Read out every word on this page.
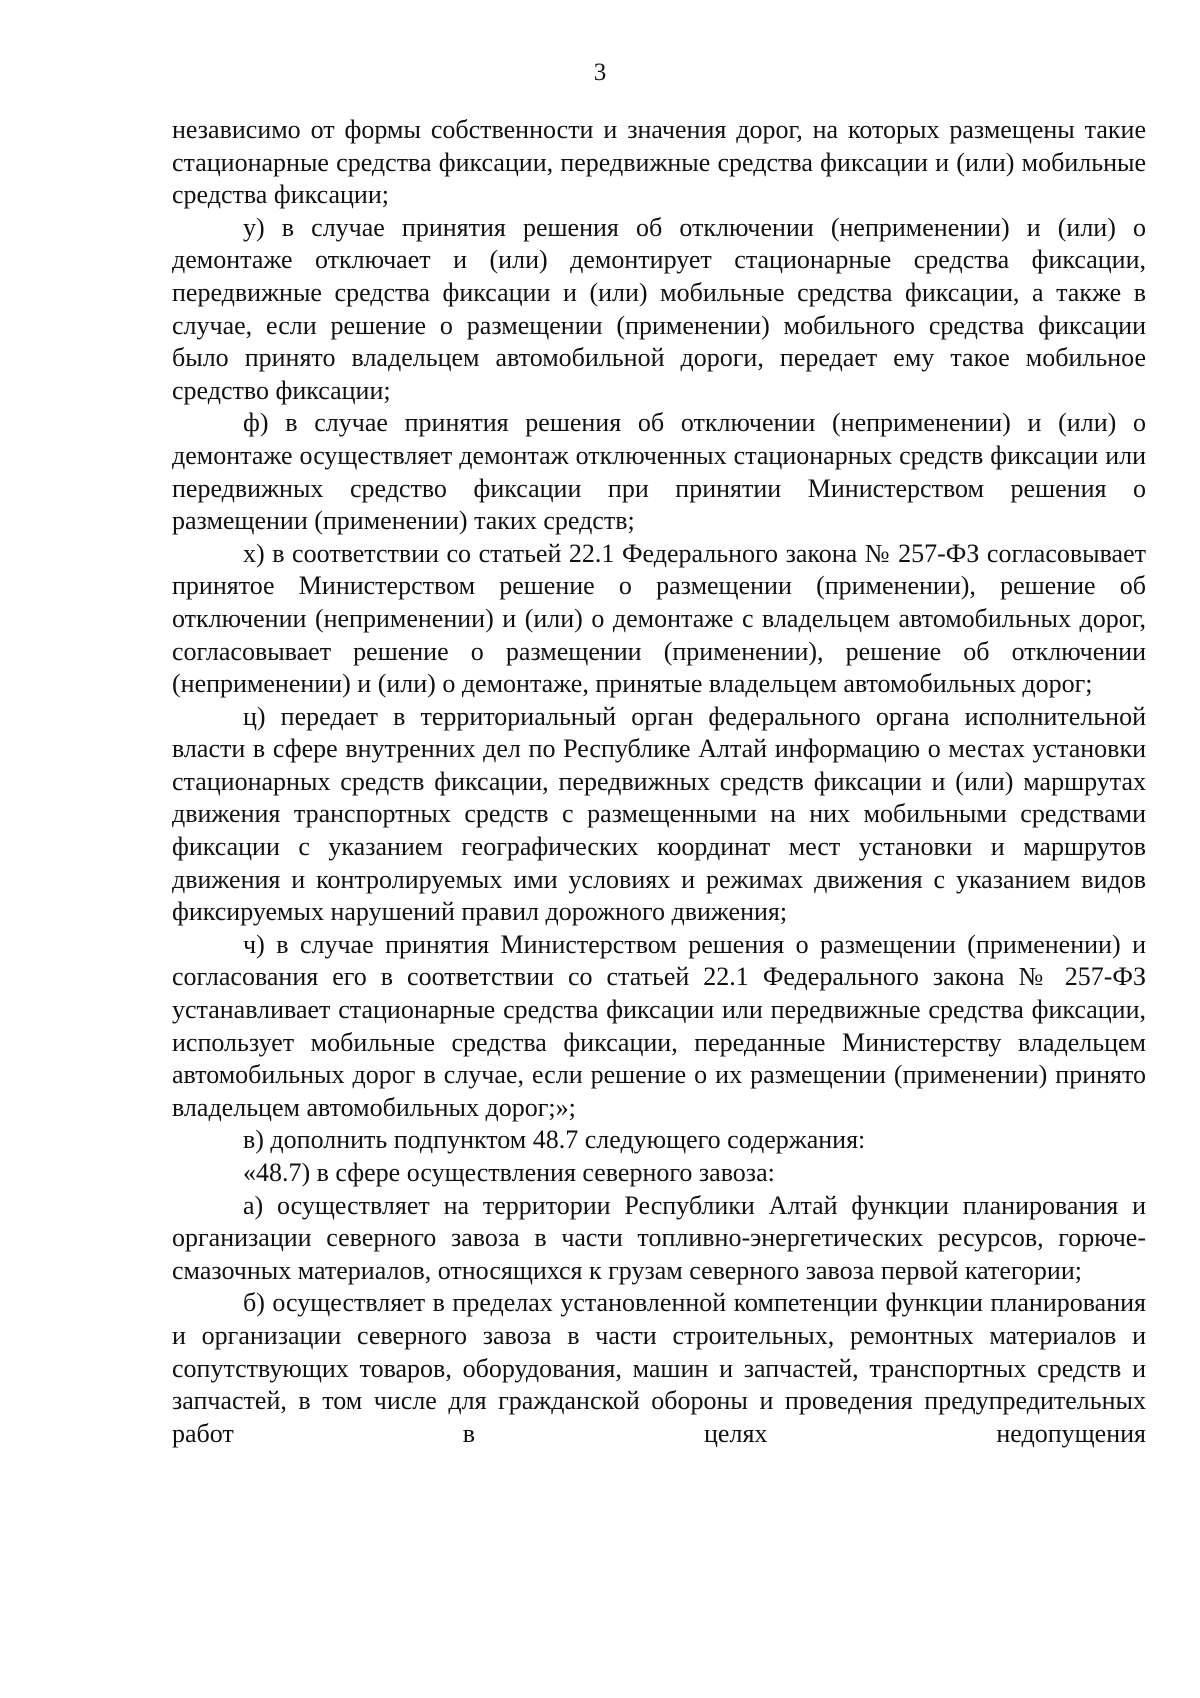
3

независимо от формы собственности и значения дорог, на которых размещены такие стационарные средства фиксации, передвижные средства фиксации и (или) мобильные средства фиксации;

у) в случае принятия решения об отключении (неприменении) и (или) о демонтаже отключает и (или) демонтирует стационарные средства фиксации, передвижные средства фиксации и (или) мобильные средства фиксации, а также в случае, если решение о размещении (применении) мобильного средства фиксации было принято владельцем автомобильной дороги, передает ему такое мобильное средство фиксации;

ф) в случае принятия решения об отключении (неприменении) и (или) о демонтаже осуществляет демонтаж отключенных стационарных средств фиксации или передвижных средство фиксации при принятии Министерством решения о размещении (применении) таких средств;

х) в соответствии со статьей 22.1 Федерального закона № 257-ФЗ согласовывает принятое Министерством решение о размещении (применении), решение об отключении (неприменении) и (или) о демонтаже с владельцем автомобильных дорог, согласовывает решение о размещении (применении), решение об отключении (неприменении) и (или) о демонтаже, принятые владельцем автомобильных дорог;

ц) передает в территориальный орган федерального органа исполнительной власти в сфере внутренних дел по Республике Алтай информацию о местах установки стационарных средств фиксации, передвижных средств фиксации и (или) маршрутах движения транспортных средств с размещенными на них мобильными средствами фиксации с указанием географических координат мест установки и маршрутов движения и контролируемых ими условиях и режимах движения с указанием видов фиксируемых нарушений правил дорожного движения;

ч) в случае принятия Министерством решения о размещении (применении) и согласования его в соответствии со статьей 22.1 Федерального закона № 257-ФЗ устанавливает стационарные средства фиксации или передвижные средства фиксации, использует мобильные средства фиксации, переданные Министерству владельцем автомобильных дорог в случае, если решение о их размещении (применении) принято владельцем автомобильных дорог;»;

в) дополнить подпунктом 48.7 следующего содержания:

«48.7) в сфере осуществления северного завоза:

а) осуществляет на территории Республики Алтай функции планирования и организации северного завоза в части топливно-энергетических ресурсов, горюче-смазочных материалов, относящихся к грузам северного завоза первой категории;

б) осуществляет в пределах установленной компетенции функции планирования и организации северного завоза в части строительных, ремонтных материалов и сопутствующих товаров, оборудования, машин и запчастей, транспортных средств и запчастей, в том числе для гражданской обороны и проведения предупредительных работ в целях недопущения
